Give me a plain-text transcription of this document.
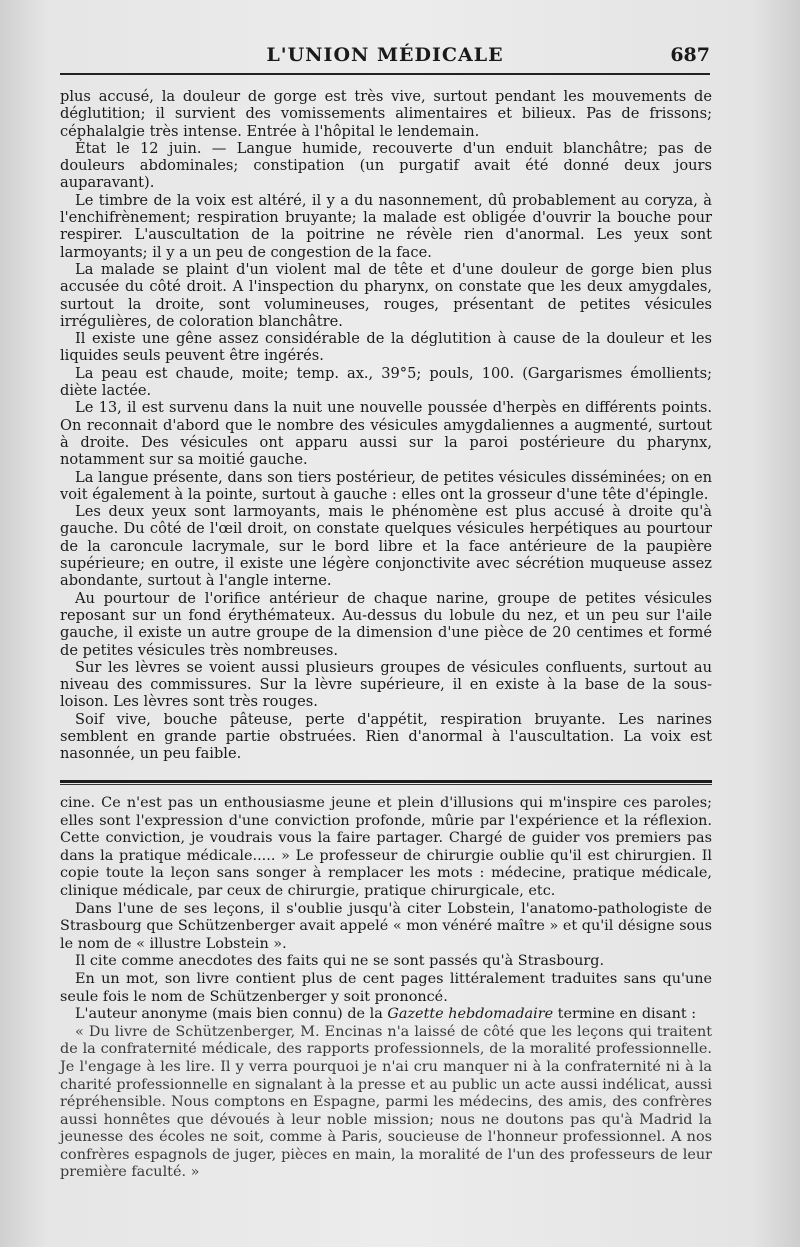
L'UNION MÉDICALE	687

plus accusé, la douleur de gorge est très vive, surtout pendant les mouvements de déglutition; il survient des vomissements alimentaires et bilieux. Pas de frissons; céphalalgie très intense. Entrée à l'hôpital le lendemain.

État le 12 juin. — Langue humide, recouverte d'un enduit blanchâtre; pas de douleurs abdominales; constipation (un purgatif avait été donné deux jours auparavant).

Le timbre de la voix est altéré, il y a du nasonnement, dû probablement au coryza, à l'enchifrènement; respiration bruyante; la malade est obligée d'ouvrir la bouche pour respirer. L'auscultation de la poitrine ne révèle rien d'anormal. Les yeux sont larmoyants; il y a un peu de congestion de la face.

La malade se plaint d'un violent mal de tête et d'une douleur de gorge bien plus accusée du côté droit. A l'inspection du pharynx, on constate que les deux amygdales, surtout la droite, sont volumineuses, rouges, présentant de petites vésicules irrégulières, de coloration blanchâtre.

Il existe une gêne assez considérable de la déglutition à cause de la douleur et les liquides seuls peuvent être ingérés.

La peau est chaude, moite; temp. ax., 39°5; pouls, 100. (Gargarismes émollients; diète lactée.

Le 13, il est survenu dans la nuit une nouvelle poussée d'herpès en différents points. On reconnait d'abord que le nombre des vésicules amygdaliennes a augmenté, surtout à droite. Des vésicules ont apparu aussi sur la paroi postérieure du pharynx, notamment sur sa moitié gauche.

La langue présente, dans son tiers postérieur, de petites vésicules disséminées; on en voit également à la pointe, surtout à gauche : elles ont la grosseur d'une tête d'épingle.

Les deux yeux sont larmoyants, mais le phénomène est plus accusé à droite qu'à gauche. Du côté de l'œil droit, on constate quelques vésicules herpétiques au pourtour de la caroncule lacrymale, sur le bord libre et la face antérieure de la paupière supérieure; en outre, il existe une légère conjonctivite avec sécrétion muqueuse assez abondante, surtout à l'angle interne.

Au pourtour de l'orifice antérieur de chaque narine, groupe de petites vésicules reposant sur un fond érythémateux. Au-dessus du lobule du nez, et un peu sur l'aile gauche, il existe un autre groupe de la dimension d'une pièce de 20 centimes et formé de petites vésicules très nombreuses.

Sur les lèvres se voient aussi plusieurs groupes de vésicules confluents, surtout au niveau des commissures. Sur la lèvre supérieure, il en existe à la base de la sous-loison. Les lèvres sont très rouges.

Soif vive, bouche pâteuse, perte d'appétit, respiration bruyante. Les narines semblent en grande partie obstruées. Rien d'anormal à l'auscultation. La voix est nasonnée, un peu faible.

cine. Ce n'est pas un enthousiasme jeune et plein d'illusions qui m'inspire ces paroles; elles sont l'expression d'une conviction profonde, mûrie par l'expérience et la réflexion. Cette conviction, je voudrais vous la faire partager. Chargé de guider vos premiers pas dans la pratique médicale..... » Le professeur de chirurgie oublie qu'il est chirurgien. Il copie toute la leçon sans songer à remplacer les mots : médecine, pratique médicale, clinique médicale, par ceux de chirurgie, pratique chirurgicale, etc.

Dans l'une de ses leçons, il s'oublie jusqu'à citer Lobstein, l'anatomo-pathologiste de Strasbourg que Schützenberger avait appelé « mon vénéré maître » et qu'il désigne sous le nom de « illustre Lobstein ».

Il cite comme anecdotes des faits qui ne se sont passés qu'à Strasbourg.

En un mot, son livre contient plus de cent pages littéralement traduites sans qu'une seule fois le nom de Schützenberger y soit prononcé.

L'auteur anonyme (mais bien connu) de la Gazette hebdomadaire termine en disant :

« Du livre de Schützenberger, M. Encinas n'a laissé de côté que les leçons qui traitent de la confraternité médicale, des rapports professionnels, de la moralité professionnelle. Je l'engage à les lire. Il y verra pourquoi je n'ai cru manquer ni à la confraternité ni à la charité professionnelle en signalant à la presse et au public un acte aussi indélicat, aussi répréhensible. Nous comptons en Espagne, parmi les médecins, des amis, des confrères aussi honnêtes que dévoués à leur noble mission; nous ne doutons pas qu'à Madrid la jeunesse des écoles ne soit, comme à Paris, soucieuse de l'honneur professionnel. A nos confrères espagnols de juger, pièces en main, la moralité de l'un des professeurs de leur première faculté. »
